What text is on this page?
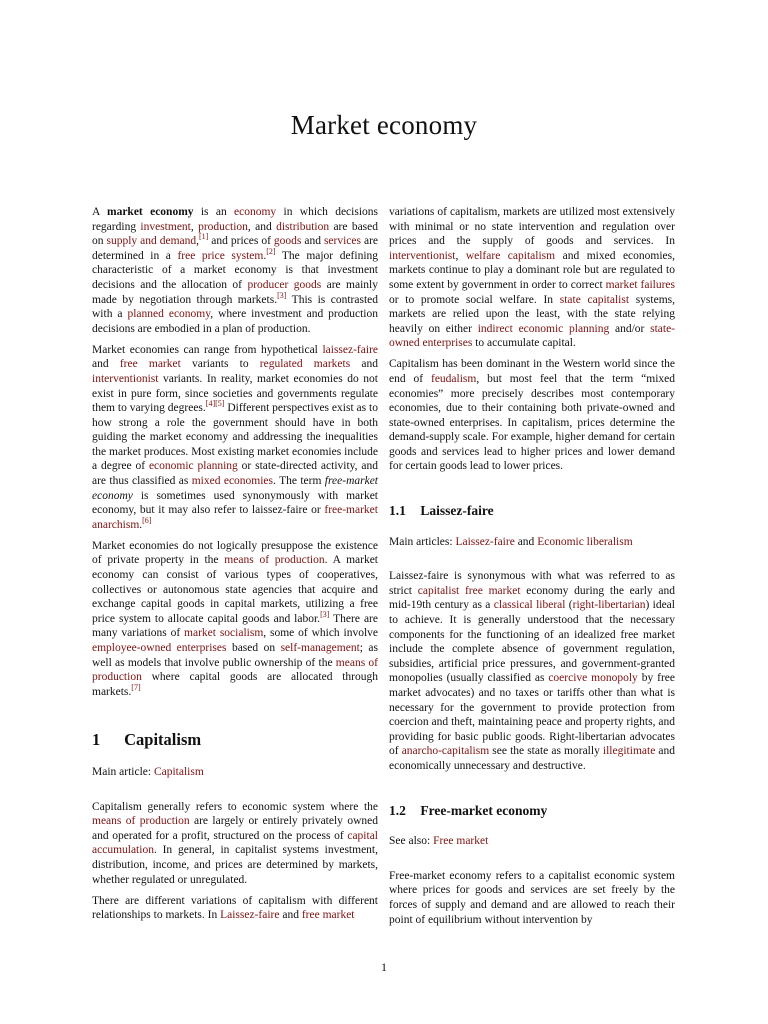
Market economy

A market economy is an economy in which decisions regarding investment, production, and distribution are based on supply and demand,[1] and prices of goods and services are determined in a free price system.[2] The major defining characteristic of a market economy is that investment decisions and the allocation of producer goods are mainly made by negotiation through markets.[3] This is contrasted with a planned economy, where investment and production decisions are embodied in a plan of production.

Market economies can range from hypothetical laissez-faire and free market variants to regulated markets and interventionist variants. In reality, market economies do not exist in pure form, since societies and governments regulate them to varying degrees.[4][5] Different perspectives exist as to how strong a role the government should have in both guiding the market economy and addressing the inequalities the market produces. Most existing market economies include a degree of economic planning or state-directed activity, and are thus classified as mixed economies. The term free-market economy is sometimes used synonymously with market economy, but it may also refer to laissez-faire or free-market anarchism.[6]

Market economies do not logically presuppose the existence of private property in the means of production. A market economy can consist of various types of cooperatives, collectives or autonomous state agencies that acquire and exchange capital goods in capital markets, utilizing a free price system to allocate capital goods and labor.[3] There are many variations of market socialism, some of which involve employee-owned enterprises based on self-management; as well as models that involve public ownership of the means of production where capital goods are allocated through markets.[7]

1 Capitalism

Main article: Capitalism

Capitalism generally refers to economic system where the means of production are largely or entirely privately owned and operated for a profit, structured on the process of capital accumulation. In general, in capitalist systems investment, distribution, income, and prices are determined by markets, whether regulated or unregulated.

There are different variations of capitalism with different relationships to markets. In Laissez-faire and free market

variations of capitalism, markets are utilized most extensively with minimal or no state intervention and regulation over prices and the supply of goods and services. In interventionist, welfare capitalism and mixed economies, markets continue to play a dominant role but are regulated to some extent by government in order to correct market failures or to promote social welfare. In state capitalist systems, markets are relied upon the least, with the state relying heavily on either indirect economic planning and/or state-owned enterprises to accumulate capital.

Capitalism has been dominant in the Western world since the end of feudalism, but most feel that the term “mixed economies” more precisely describes most contemporary economies, due to their containing both private-owned and state-owned enterprises. In capitalism, prices determine the demand-supply scale. For example, higher demand for certain goods and services lead to higher prices and lower demand for certain goods lead to lower prices.

1.1 Laissez-faire

Main articles: Laissez-faire and Economic liberalism

Laissez-faire is synonymous with what was referred to as strict capitalist free market economy during the early and mid-19th century as a classical liberal (right-libertarian) ideal to achieve. It is generally understood that the necessary components for the functioning of an idealized free market include the complete absence of government regulation, subsidies, artificial price pressures, and government-granted monopolies (usually classified as coercive monopoly by free market advocates) and no taxes or tariffs other than what is necessary for the government to provide protection from coercion and theft, maintaining peace and property rights, and providing for basic public goods. Right-libertarian advocates of anarcho-capitalism see the state as morally illegitimate and economically unnecessary and destructive.

1.2 Free-market economy

See also: Free market

Free-market economy refers to a capitalist economic system where prices for goods and services are set freely by the forces of supply and demand and are allowed to reach their point of equilibrium without intervention by

1
